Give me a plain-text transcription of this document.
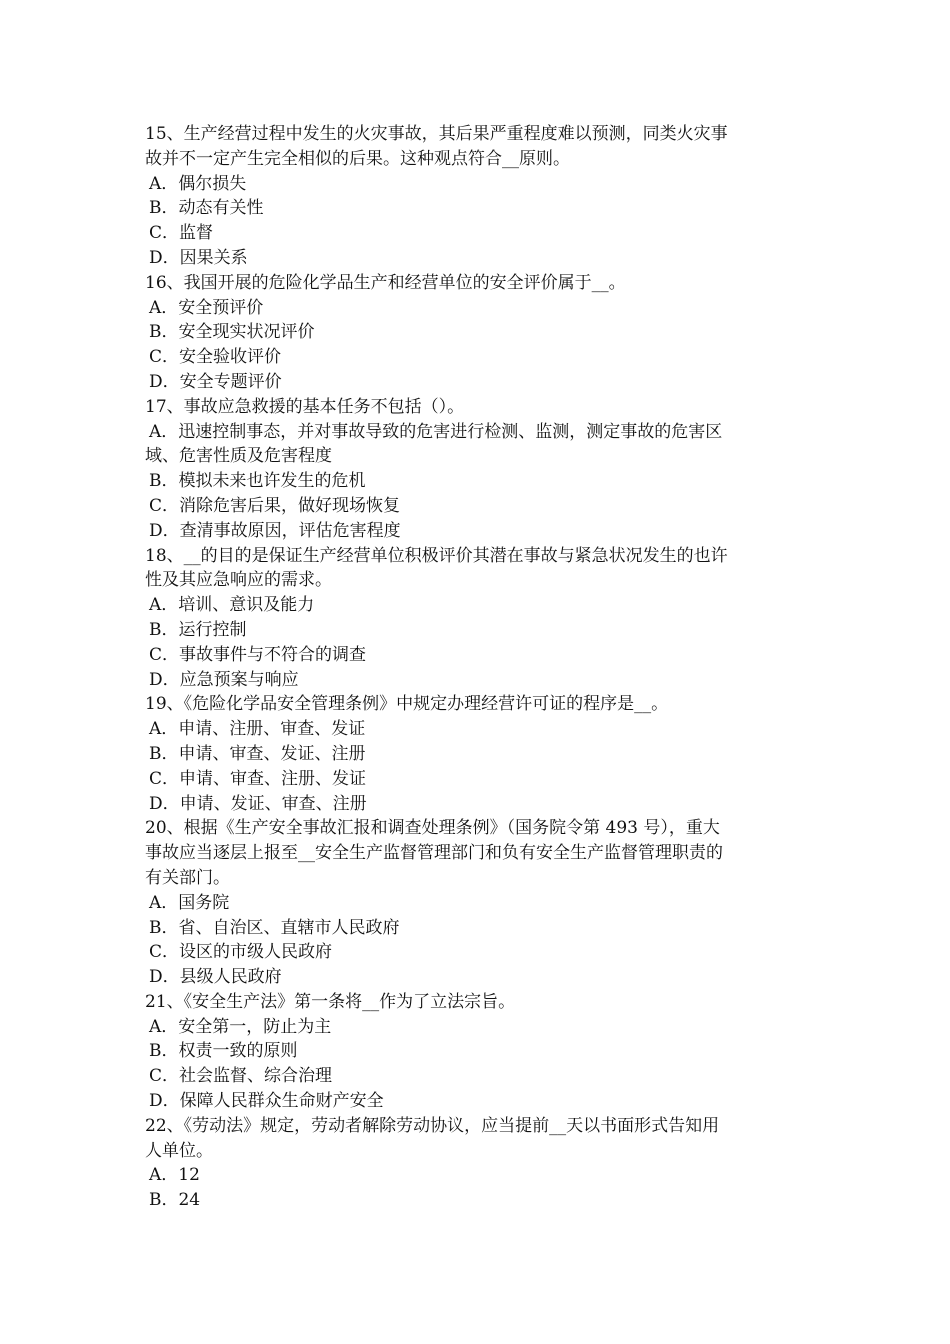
15、生产经营过程中发生的火灾事故，其后果严重程度难以预测，同类火灾事
故并不一定产生完全相似的后果。这种观点符合__原则。
A．偶尔损失
B．动态有关性
C．监督
D．因果关系
16、我国开展的危险化学品生产和经营单位的安全评价属于__。
A．安全预评价
B．安全现实状况评价
C．安全验收评价
D．安全专题评价
17、事故应急救援的基本任务不包括（）。
A．迅速控制事态，并对事故导致的危害进行检测、监测，测定事故的危害区
域、危害性质及危害程度
B．模拟未来也许发生的危机
C．消除危害后果，做好现场恢复
D．查清事故原因，评估危害程度
18、__的目的是保证生产经营单位积极评价其潜在事故与紧急状况发生的也许
性及其应急响应的需求。
A．培训、意识及能力
B．运行控制
C．事故事件与不符合的调查
D．应急预案与响应
19、《危险化学品安全管理条例》中规定办理经营许可证的程序是__。
A．申请、注册、审查、发证
B．申请、审查、发证、注册
C．申请、审查、注册、发证
D．申请、发证、审查、注册
20、根据《生产安全事故汇报和调查处理条例》（国务院令第 493 号），重大
事故应当逐层上报至__安全生产监督管理部门和负有安全生产监督管理职责的
有关部门。
A．国务院
B．省、自治区、直辖市人民政府
C．设区的市级人民政府
D．县级人民政府
21、《安全生产法》第一条将__作为了立法宗旨。
A．安全第一，防止为主
B．权责一致的原则
C．社会监督、综合治理
D．保障人民群众生命财产安全
22、《劳动法》规定，劳动者解除劳动协议，应当提前__天以书面形式告知用
人单位。
A．12
B．24
